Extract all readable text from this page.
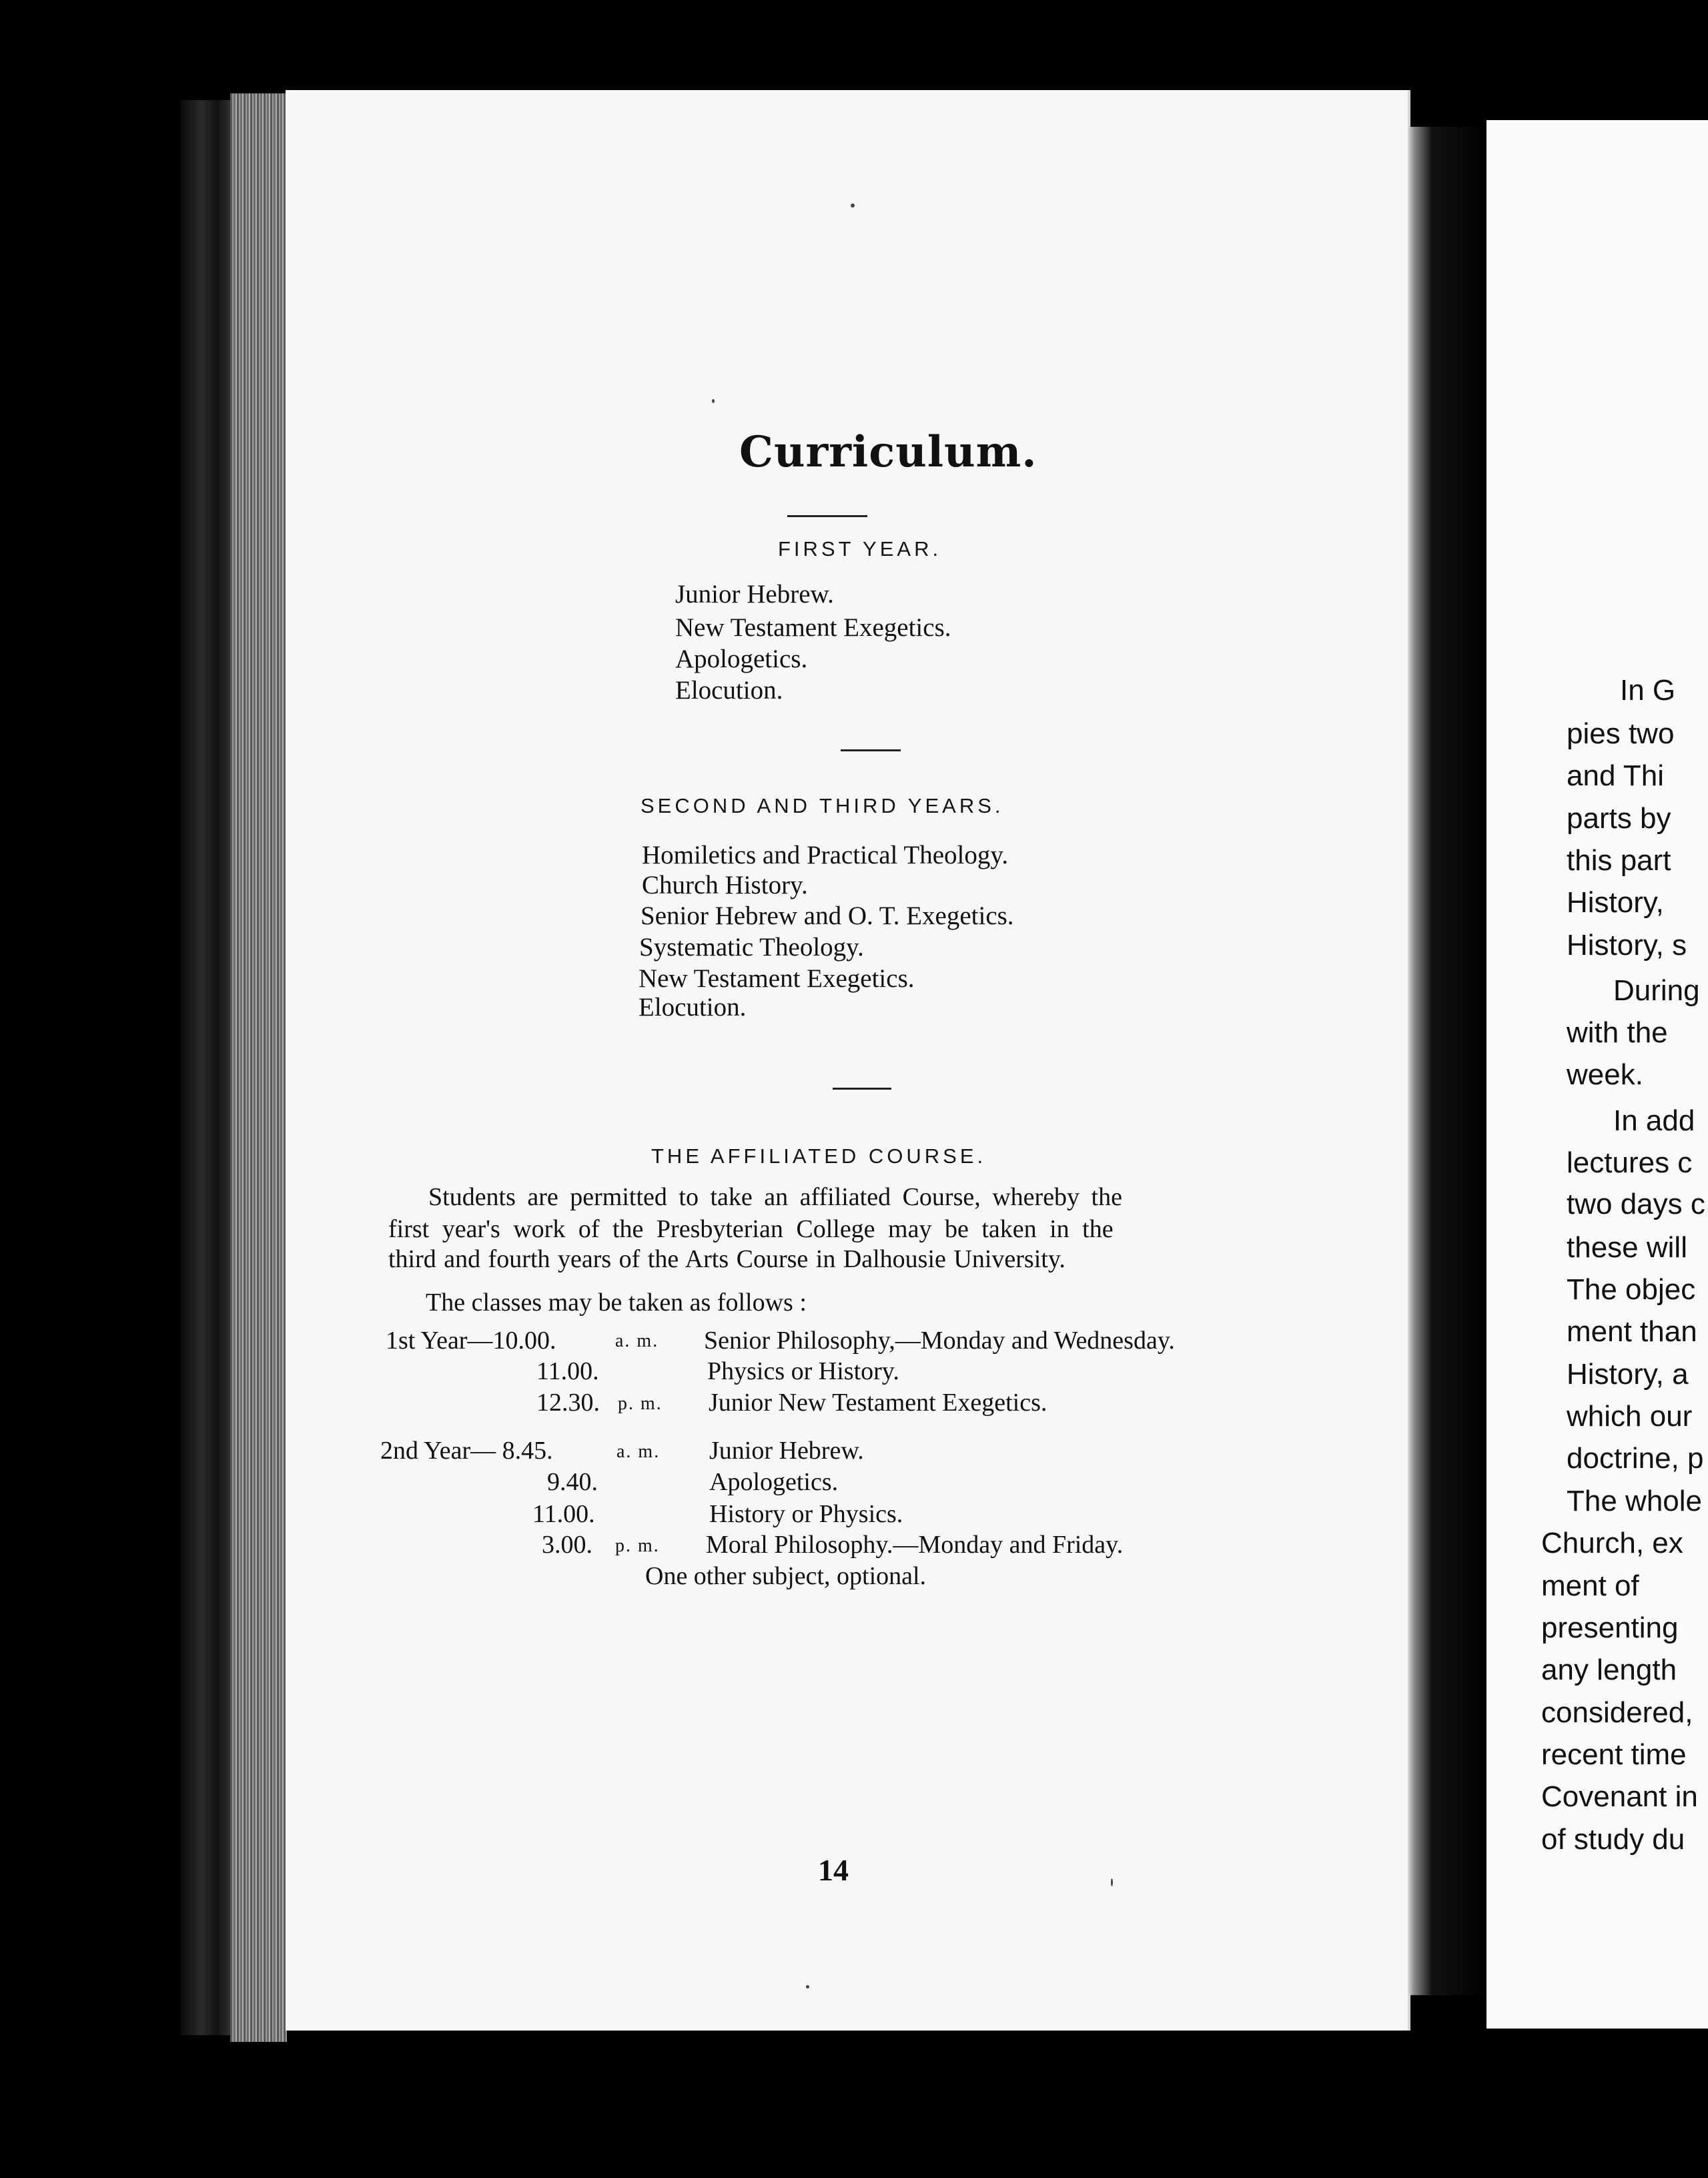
Curriculum.
FIRST YEAR.
Junior Hebrew.
New Testament Exegetics.
Apologetics.
Elocution.
SECOND AND THIRD YEARS.
Homiletics and Practical Theology.
Church History.
Senior Hebrew and O. T. Exegetics.
Systematic Theology.
New Testament Exegetics.
Elocution.
THE AFFILIATED COURSE.
Students are permitted to take an affiliated Course, whereby the
first year's work of the Presbyterian College may be taken in the
third and fourth years of the Arts Course in Dalhousie University.
The classes may be taken as follows :
1st Year—10.00.	a. m. Senior Philosophy,—Monday and Wednesday.
11.00.	Physics or History.
12.30. p. m. Junior New Testament Exegetics.
2nd Year— 8.45.	a. m. Junior Hebrew.
9.40.	Apologetics.
11.00.	History or Physics.
3.00. p. m. Moral Philosophy.—Monday and Friday.
One other subject, optional.
14
In G
pies two
and Thi
parts by
this part
History,
History, s
During
with the
week.
In add
lectures c
two days c
these will
The objec
ment than
History, a
which our
doctrine, p
The whole
Church, ex
ment of
presenting
any length
considered,
recent time
Covenant in
of study du
